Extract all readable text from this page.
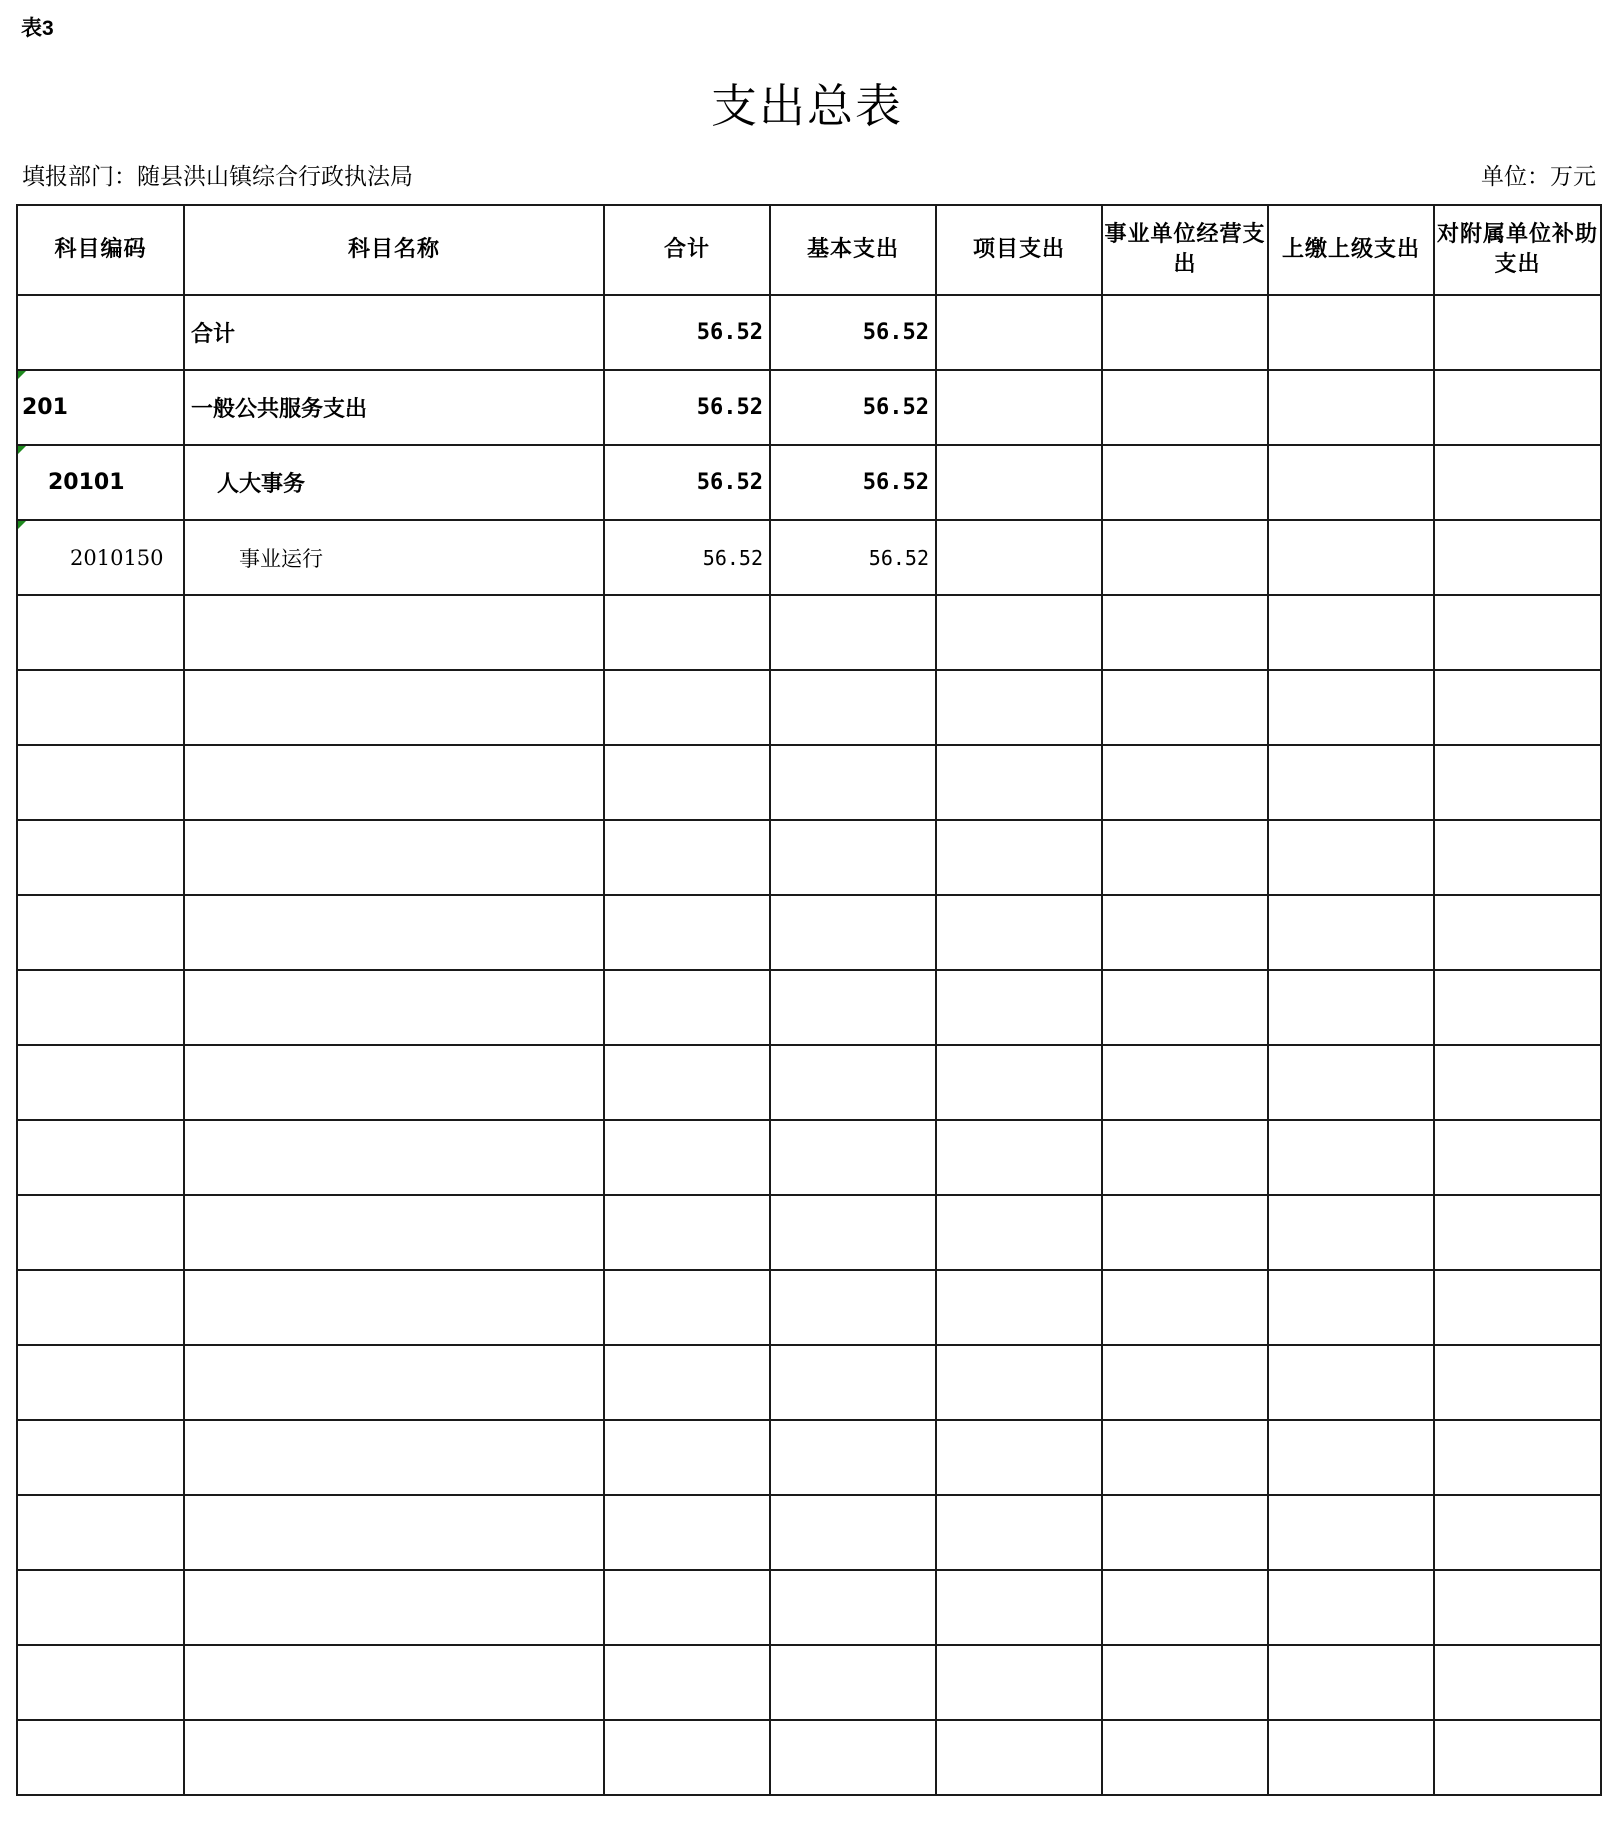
表3
支出总表
填报部门：随县洪山镇综合行政执法局	单位：万元
科目编码	科目名称	合计	基本支出	项目支出	事业单位经营支出	上缴上级支出	对附属单位补助支出
	合计	56.52	56.52				

201	一般公共服务支出	56.52	56.52				

20101	人大事务	56.52	56.52				

2010150	事业运行	56.52	56.52				
